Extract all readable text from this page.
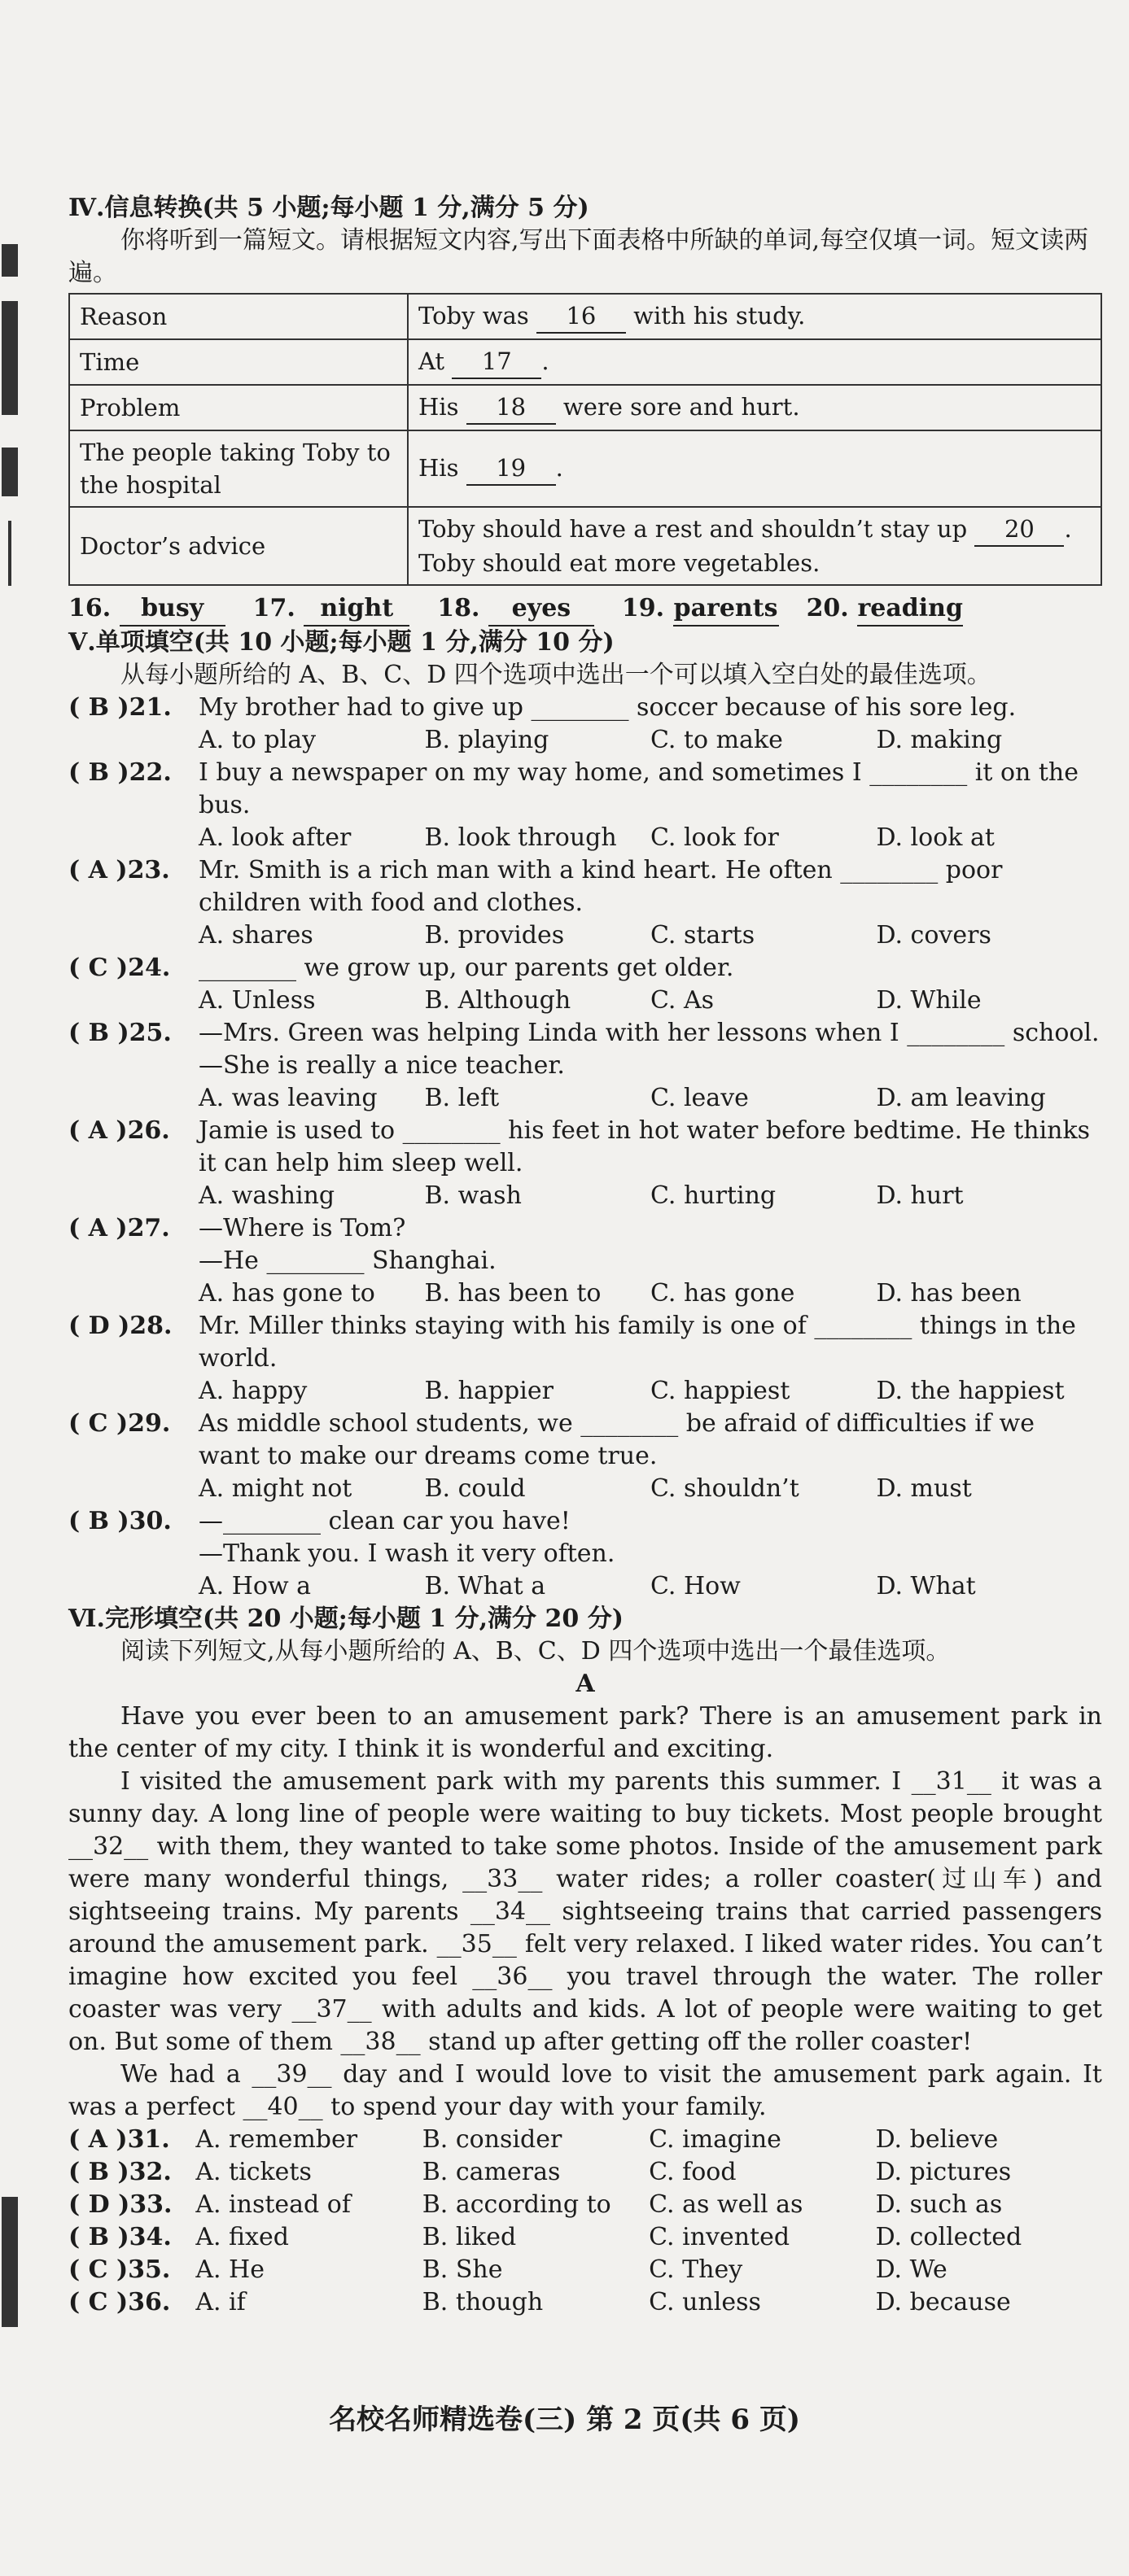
Ⅳ.信息转换(共 5 小题;每小题 1 分,满分 5 分)

你将听到一篇短文。请根据短文内容,写出下面表格中所缺的单词,每空仅填一词。短文读两遍。

Reason	Toby was 16 with his study.
Time	At 17 .
Problem	His 18 were sore and hurt.
The people taking Toby to the hospital	His 19 .
Doctor’s advice	Toby should have a rest and shouldn’t stay up 20 . Toby should eat more vegetables.

16. busy	17. night	18. eyes	19. parents 20. reading

Ⅴ.单项填空(共 10 小题;每小题 1 分,满分 10 分)

从每小题所给的 A、B、C、D 四个选项中选出一个可以填入空白处的最佳选项。

( B )21.	My brother had to give up ________ soccer because of his sore leg.

A. to play	B. playing	C. to make	D. making

( B )22.	I buy a newspaper on my way home, and sometimes I ________ it on the bus.

A. look after	B. look through	C. look for	D. look at

( A )23.	Mr. Smith is a rich man with a kind heart. He often ________ poor children with food and clothes.

A. shares	B. provides	C. starts	D. covers

( C )24.	________ we grow up, our parents get older.

A. Unless	B. Although	C. As	D. While

( B )25.	—Mrs. Green was helping Linda with her lessons when I ________ school.

—She is really a nice teacher.

A. was leaving	B. left	C. leave	D. am leaving

( A )26.	Jamie is used to ________ his feet in hot water before bedtime. He thinks it can help him sleep well.

A. washing	B. wash	C. hurting	D. hurt

( A )27.	—Where is Tom?

—He ________ Shanghai.

A. has gone to	B. has been to	C. has gone	D. has been

( D )28.	Mr. Miller thinks staying with his family is one of ________ things in the world.

A. happy	B. happier	C. happiest	D. the happiest

( C )29.	As middle school students, we ________ be afraid of difficulties if we want to make our dreams come true.

A. might not	B. could	C. shouldn’t	D. must

( B )30.	—________ clean car you have!

—Thank you. I wash it very often.

A. How a	B. What a	C. How	D. What

Ⅵ.完形填空(共 20 小题;每小题 1 分,满分 20 分)

阅读下列短文,从每小题所给的 A、B、C、D 四个选项中选出一个最佳选项。

A

Have you ever been to an amusement park? There is an amusement park in the center of my city. I think it is wonderful and exciting.

I visited the amusement park with my parents this summer. I __31__ it was a sunny day. A long line of people were waiting to buy tickets. Most people brought __32__ with them, they wanted to take some photos. Inside of the amusement park were many wonderful things, __33__ water rides; a roller coaster(过山车) and sightseeing trains. My parents __34__ sightseeing trains that carried passengers around the amusement park. __35__ felt very relaxed. I liked water rides. You can’t imagine how excited you feel __36__ you travel through the water. The roller coaster was very __37__ with adults and kids. A lot of people were waiting to get on. But some of them __38__ stand up after getting off the roller coaster!

We had a __39__ day and I would love to visit the amusement park again. It was a perfect __40__ to spend your day with your family.

( A )31.	A. remember	B. consider	C. imagine	D. believe

( B )32. A. tickets	B. cameras	C. food	D. pictures

( D )33. A. instead of	B. according to	C. as well as	D. such as

( B )34. A. fixed	B. liked	C. invented	D. collected

( C )35.	A. He	B. She	C. They	D. We

( C )36.	A. if	B. though	C. unless	D. because

名校名师精选卷(三) 第 2 页(共 6 页)
